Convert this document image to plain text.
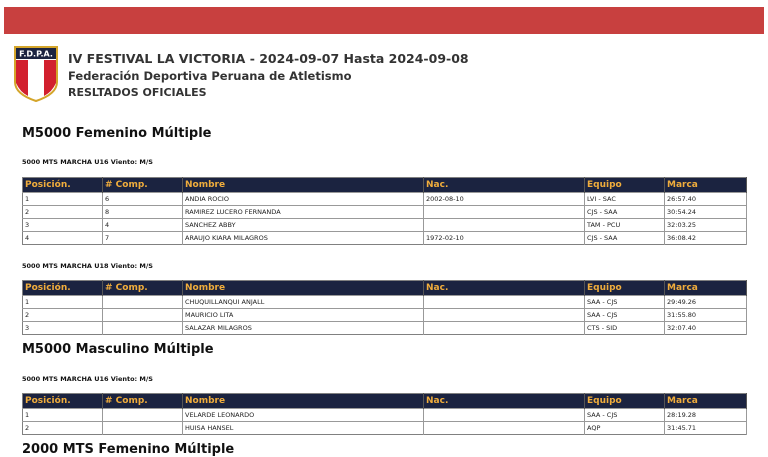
F.D.P.A. IV FESTIVAL LA VICTORIA - 2024-09-07 Hasta 2024-09-08
Federación Deportiva Peruana de Atletismo
RESLTADOS OFICIALES
M5000 Femenino Múltiple
5000 MTS MARCHA U16 Viento: M/S
Posición.	# Comp.	Nombre	Nac.	Equipo	Marca
1	6	ANDIA ROCIO	2002-08-10	LVI - SAC	26:57.40
2	8	RAMIREZ LUCERO FERNANDA		CJS - SAA	30:54.24
3	4	SANCHEZ ABBY		TAM - PCU	32:03.25
4	7	ARAUJO KIARA MILAGROS	1972-02-10	CJS - SAA	36:08.42
5000 MTS MARCHA U18 Viento: M/S
Posición.	# Comp.	Nombre	Nac.	Equipo	Marca
1		CHUQUILLANQUI ANJALL		SAA - CJS	29:49.26
2		MAURICIO LITA		SAA - CJS	31:55.80
3		SALAZAR MILAGROS		CTS - SID	32:07.40
M5000 Masculino Múltiple
5000 MTS MARCHA U16 Viento: M/S
Posición.	# Comp.	Nombre	Nac.	Equipo	Marca
1		VELARDE LEONARDO		SAA - CJS	28:19.28
2		HUISA HANSEL		AQP	31:45.71
2000 MTS Femenino Múltiple
